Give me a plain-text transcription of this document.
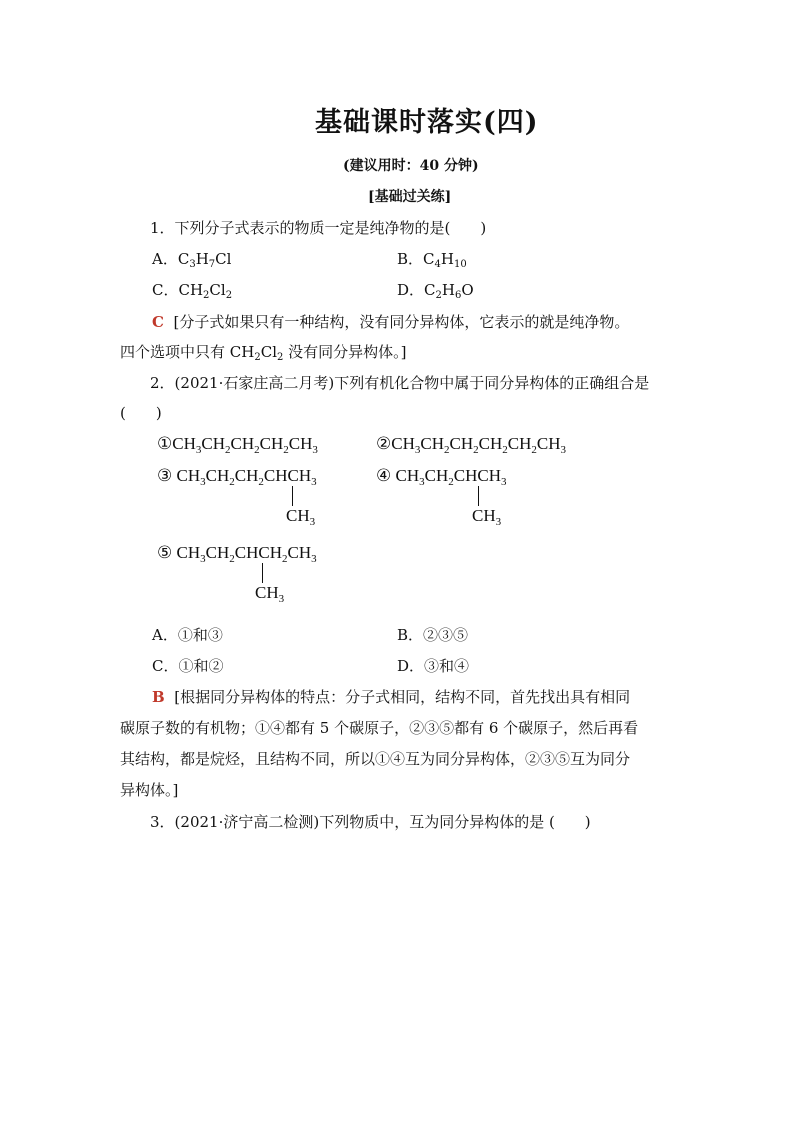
基础课时落实(四)
(建议用时：40 分钟)
[基础过关练]
1．下列分子式表示的物质一定是纯净物的是(　　)
A．$C_3H_7Cl$	B．$C_4H_{10}$
C．$CH_2Cl_2$	D．$C_2H_6O$
C [分子式如果只有一种结构，没有同分异构体，它表示的就是纯净物。
四个选项中只有 $CH_2Cl_2$ 没有同分异构体。]
2．(2021·石家庄高二月考)下列有机化合物中属于同分异构体的正确组合是
(　　)
$①CH_3CH_2CH_2CH_2CH_3$	$②CH_3CH_2CH_2CH_2CH_2CH_3$
③ $CH_3CH_2CH_2CHCH_3$
$CH_3$
④ $CH_3CH_2CHCH_3$
$CH_3$
⑤ $CH_3CH_2CHCH_2CH_3$
$CH_3$
A．①和③	B．②③⑤
C．①和②	D．③和④
B [根据同分异构体的特点：分子式相同，结构不同，首先找出具有相同
碳原子数的有机物；①④都有 5 个碳原子，②③⑤都有 6 个碳原子，然后再看
其结构，都是烷烃，且结构不同，所以①④互为同分异构体，②③⑤互为同分
异构体。]
3．(2021·济宁高二检测)下列物质中，互为同分异构体的是 (　　)
